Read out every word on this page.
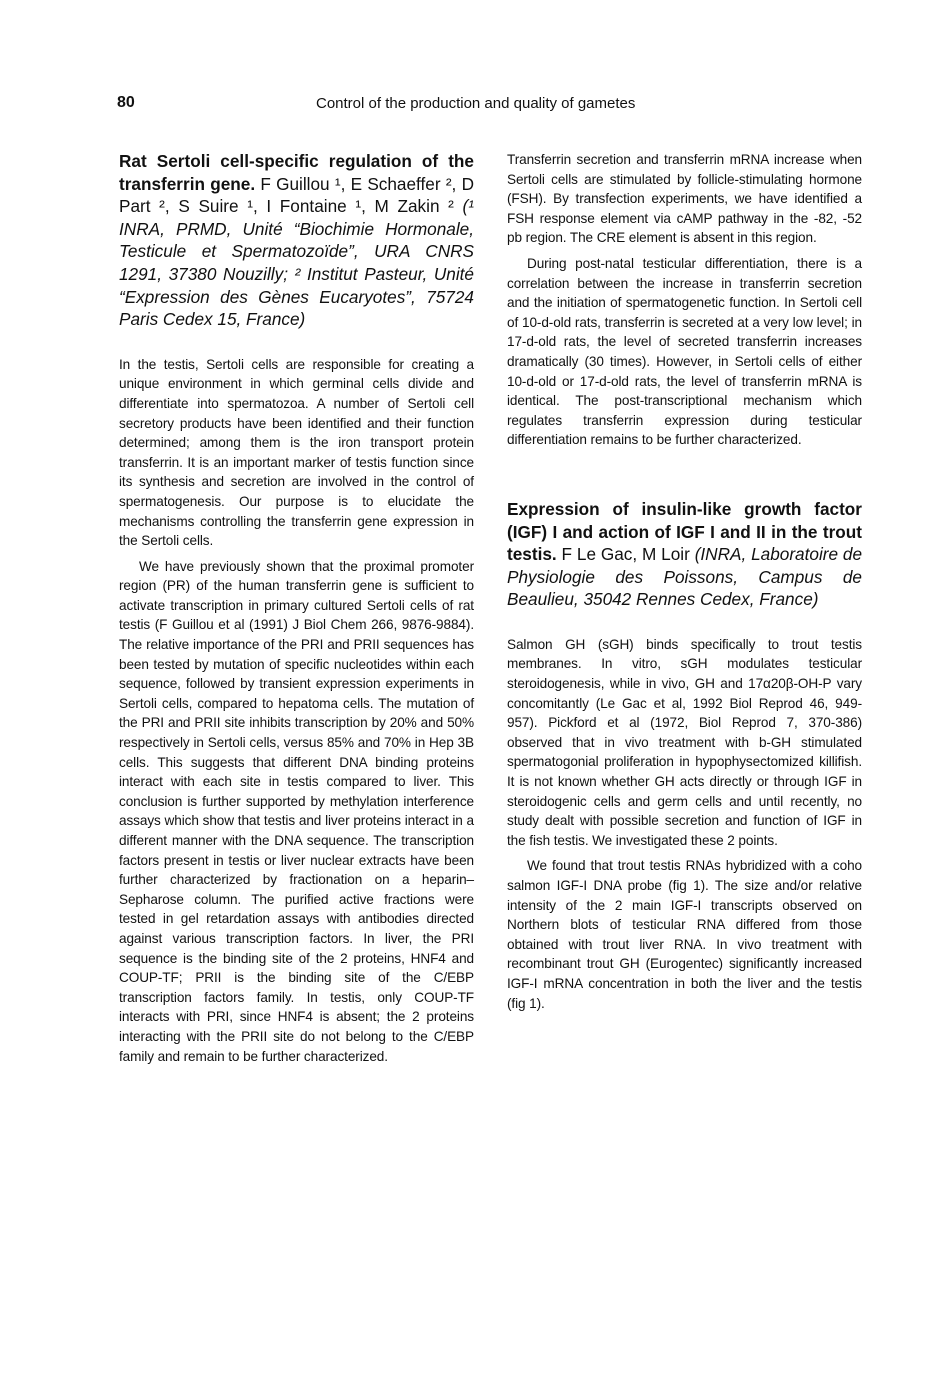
80	Control of the production and quality of gametes

Rat Sertoli cell-specific regulation of the transferrin gene. F Guillou ¹, E Schaeffer ², D Part ², S Suire ¹, I Fontaine ¹, M Zakin ² (¹ INRA, PRMD, Unité “Biochimie Hormonale, Testicule et Spermatozoïde”, URA CNRS 1291, 37380 Nouzilly; ² Institut Pasteur, Unité “Expression des Gènes Eucaryotes”, 75724 Paris Cedex 15, France)

In the testis, Sertoli cells are responsible for creating a unique environment in which germinal cells divide and differentiate into spermatozoa. A number of Sertoli cell secretory products have been identified and their function determined; among them is the iron transport protein transferrin. It is an important marker of testis function since its synthesis and secretion are involved in the control of spermatogenesis. Our purpose is to elucidate the mechanisms controlling the transferrin gene expression in the Sertoli cells.

We have previously shown that the proximal promoter region (PR) of the human transferrin gene is sufficient to activate transcription in primary cultured Sertoli cells of rat testis (F Guillou et al (1991) J Biol Chem 266, 9876-9884). The relative importance of the PRI and PRII sequences has been tested by mutation of specific nucleotides within each sequence, followed by transient expression experiments in Sertoli cells, compared to hepatoma cells. The mutation of the PRI and PRII site inhibits transcription by 20% and 50% respectively in Sertoli cells, versus 85% and 70% in Hep 3B cells. This suggests that different DNA binding proteins interact with each site in testis compared to liver. This conclusion is further supported by methylation interference assays which show that testis and liver proteins interact in a different manner with the DNA sequence. The transcription factors present in testis or liver nuclear extracts have been further characterized by fractionation on a heparin–Sepharose column. The purified active fractions were tested in gel retardation assays with antibodies directed against various transcription factors. In liver, the PRI sequence is the binding site of the 2 proteins, HNF4 and COUP-TF; PRII is the binding site of the C/EBP transcription factors family. In testis, only COUP-TF interacts with PRI, since HNF4 is absent; the 2 proteins interacting with the PRII site do not belong to the C/EBP family and remain to be further characterized.

Transferrin secretion and transferrin mRNA increase when Sertoli cells are stimulated by follicle-stimulating hormone (FSH). By transfection experiments, we have identified a FSH response element via cAMP pathway in the -82, -52 pb region. The CRE element is absent in this region.

During post-natal testicular differentiation, there is a correlation between the increase in transferrin secretion and the initiation of spermatogenetic function. In Sertoli cell of 10-d-old rats, transferrin is secreted at a very low level; in 17-d-old rats, the level of secreted transferrin increases dramatically (30 times). However, in Sertoli cells of either 10-d-old or 17-d-old rats, the level of transferrin mRNA is identical. The post-transcriptional mechanism which regulates transferrin expression during testicular differentiation remains to be further characterized.

Expression of insulin-like growth factor (IGF) I and action of IGF I and II in the trout testis. F Le Gac, M Loir (INRA, Laboratoire de Physiologie des Poissons, Campus de Beaulieu, 35042 Rennes Cedex, France)

Salmon GH (sGH) binds specifically to trout testis membranes. In vitro, sGH modulates testicular steroidogenesis, while in vivo, GH and 17α20β-OH-P vary concomitantly (Le Gac et al, 1992 Biol Reprod 46, 949-957). Pickford et al (1972, Biol Reprod 7, 370-386) observed that in vivo treatment with b-GH stimulated spermatogonial proliferation in hypophysectomized killifish. It is not known whether GH acts directly or through IGF in steroidogenic cells and germ cells and until recently, no study dealt with possible secretion and function of IGF in the fish testis. We investigated these 2 points.

We found that trout testis RNAs hybridized with a coho salmon IGF-I DNA probe (fig 1). The size and/or relative intensity of the 2 main IGF-I transcripts observed on Northern blots of testicular RNA differed from those obtained with trout liver RNA. In vivo treatment with recombinant trout GH (Eurogentec) significantly increased IGF-I mRNA concentration in both the liver and the testis (fig 1).
